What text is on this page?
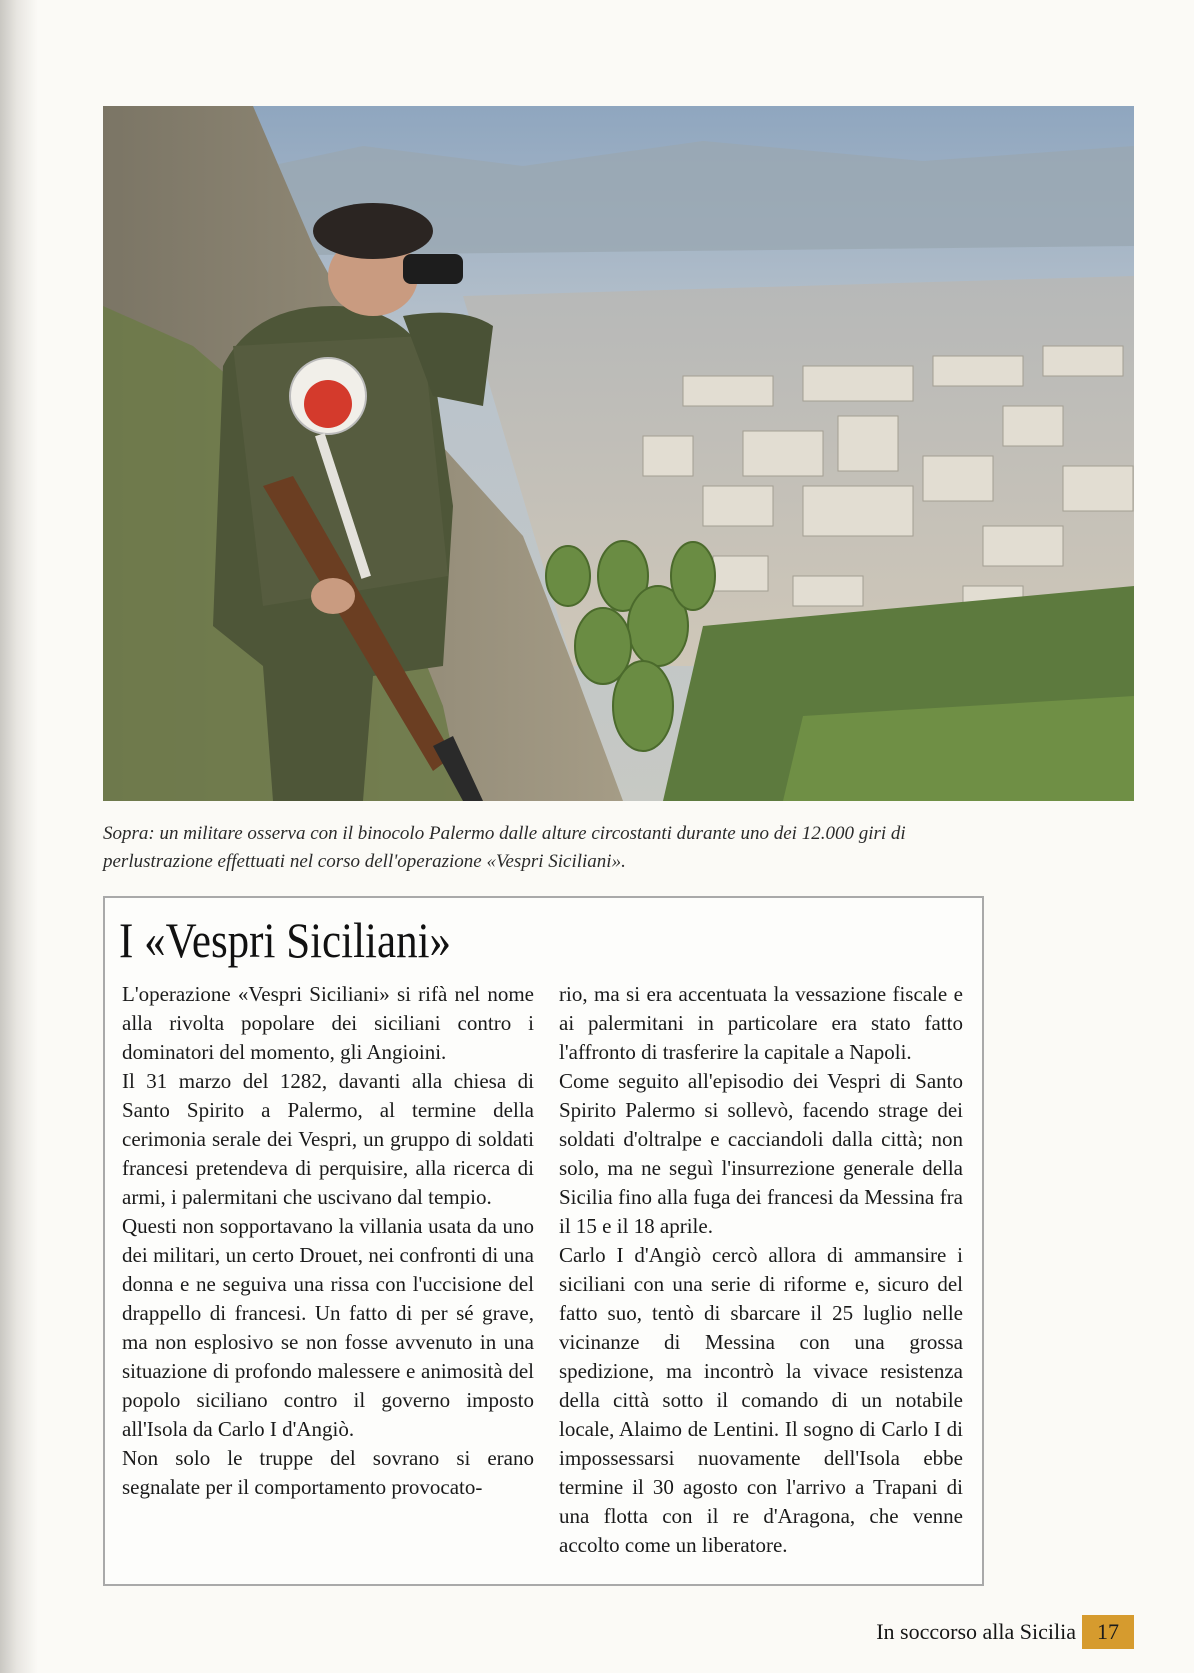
Sopra: un militare osserva con il binocolo Palermo dalle alture circostanti durante uno dei 12.000 giri di
perlustrazione effettuati nel corso dell'operazione «Vespri Siciliani».
I «Vespri Siciliani»

L'operazione «Vespri Siciliani» si rifà nel nome alla rivolta popolare dei siciliani contro i dominatori del momento, gli Angioini.

Il 31 marzo del 1282, davanti alla chiesa di Santo Spirito a Palermo, al termine della cerimonia serale dei Vespri, un gruppo di soldati francesi pretendeva di perquisire, alla ricerca di armi, i palermitani che uscivano dal tempio.

Questi non sopportavano la villania usata da uno dei militari, un certo Drouet, nei confronti di una donna e ne seguiva una rissa con l'uccisione del drappello di francesi. Un fatto di per sé grave, ma non esplosivo se non fosse avvenuto in una situazione di profondo malessere e animosità del popolo siciliano contro il governo imposto all'Isola da Carlo I d'Angiò.

Non solo le truppe del sovrano si erano segnalate per il comportamento provocato-

rio, ma si era accentuata la vessazione fiscale e ai palermitani in particolare era stato fatto l'affronto di trasferire la capitale a Napoli.

Come seguito all'episodio dei Vespri di Santo Spirito Palermo si sollevò, facendo strage dei soldati d'oltralpe e cacciandoli dalla città; non solo, ma ne seguì l'insurrezione generale della Sicilia fino alla fuga dei francesi da Messina fra il 15 e il 18 aprile.

Carlo I d'Angiò cercò allora di ammansire i siciliani con una serie di riforme e, sicuro del fatto suo, tentò di sbarcare il 25 luglio nelle vicinanze di Messina con una grossa spedizione, ma incontrò la vivace resistenza della città sotto il comando di un notabile locale, Alaimo de Lentini. Il sogno di Carlo I di impossessarsi nuovamente dell'Isola ebbe termine il 30 agosto con l'arrivo a Trapani di una flotta con il re d'Aragona, che venne accolto come un liberatore.

In soccorso alla Sicilia 17
